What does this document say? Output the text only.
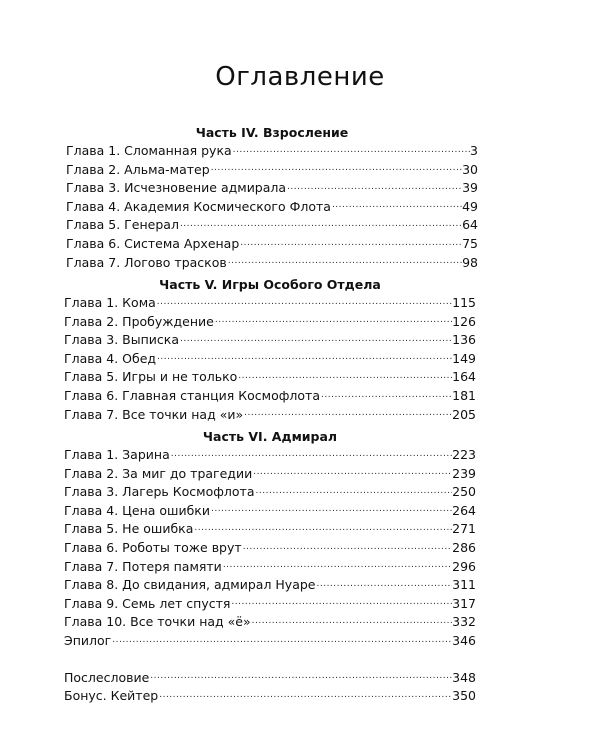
Оглавление
Часть IV. Взросление
Глава 1. Сломанная рука .....	3
Глава 2. Альма-матер .....	30
Глава 3. Исчезновение адмирала .....	39
Глава 4. Академия Космического Флота .....	49
Глава 5. Генерал .....	64
Глава 6. Система Архенар .....	75
Глава 7. Логово трасков .....	98
Часть V. Игры Особого Отдела
Глава 1. Кома .....	115
Глава 2. Пробуждение .....	126
Глава 3. Выписка .....	136
Глава 4. Обед .....	149
Глава 5. Игры и не только .....	164
Глава 6. Главная станция Космофлота .....	181
Глава 7. Все точки над «и» .....	205
Часть VI. Адмирал
Глава 1. Зарина .....	223
Глава 2. За миг до трагедии .....	239
Глава 3. Лагерь Космофлота .....	250
Глава 4. Цена ошибки .....	264
Глава 5. Не ошибка .....	271
Глава 6. Роботы тоже врут .....	286
Глава 7. Потеря памяти .....	296
Глава 8. До свидания, адмирал Нуаре .....	311
Глава 9. Семь лет спустя .....	317
Глава 10. Все точки над «ё» .....	332
Эпилог .....	346
Послесловие .....	348
Бонус. Кейтер .....	350
